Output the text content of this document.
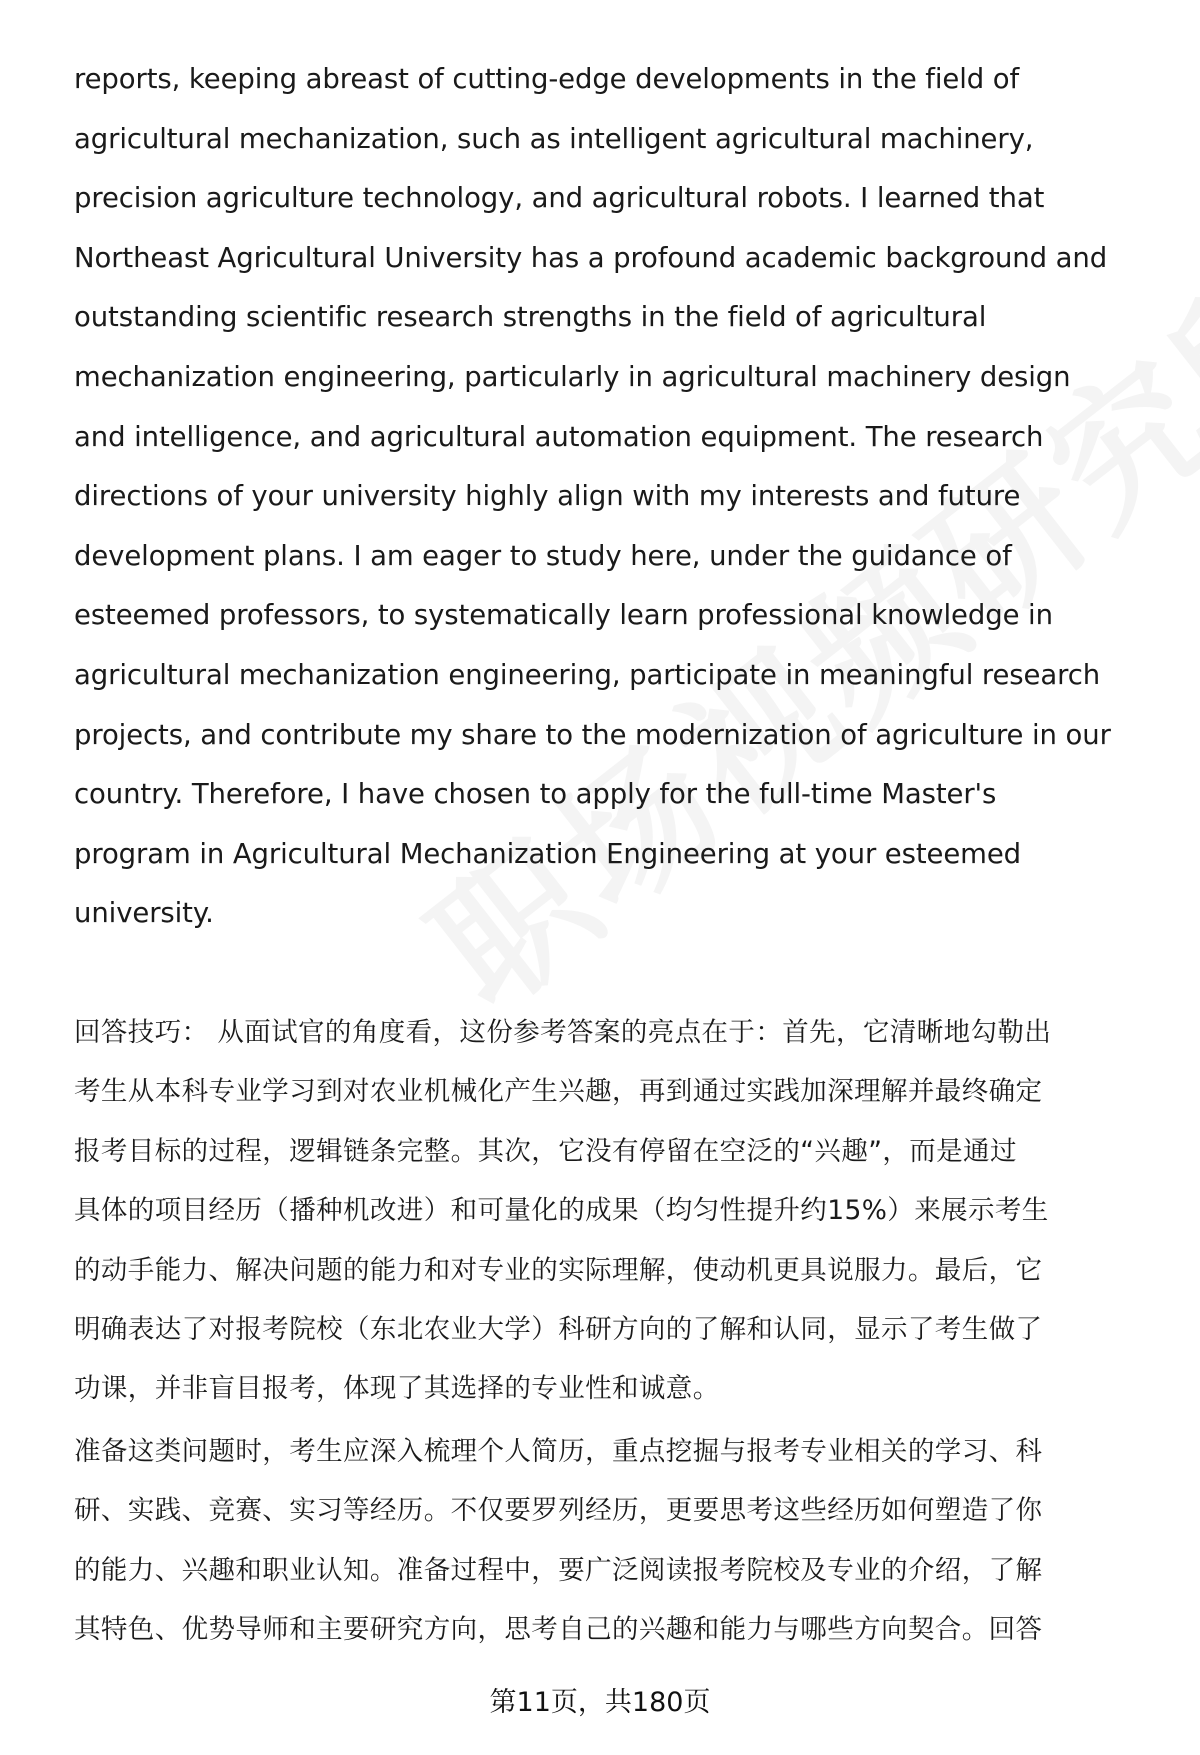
reports, keeping abreast of cutting-edge developments in the field of
agricultural mechanization, such as intelligent agricultural machinery,
precision agriculture technology, and agricultural robots. I learned that
Northeast Agricultural University has a profound academic background and
outstanding scientific research strengths in the field of agricultural
mechanization engineering, particularly in agricultural machinery design
and intelligence, and agricultural automation equipment. The research
directions of your university highly align with my interests and future
development plans. I am eager to study here, under the guidance of
esteemed professors, to systematically learn professional knowledge in
agricultural mechanization engineering, participate in meaningful research
projects, and contribute my share to the modernization of agriculture in our
country. Therefore, I have chosen to apply for the full-time Master's
program in Agricultural Mechanization Engineering at your esteemed
university.

回答技巧： 从面试官的角度看，这份参考答案的亮点在于：首先，它清晰地勾勒出
考生从本科专业学习到对农业机械化产生兴趣，再到通过实践加深理解并最终确定
报考目标的过程，逻辑链条完整。其次，它没有停留在空泛的“兴趣”，而是通过
具体的项目经历（播种机改进）和可量化的成果（均匀性提升约15%）来展示考生
的动手能力、解决问题的能力和对专业的实际理解，使动机更具说服力。最后，它
明确表达了对报考院校（东北农业大学）科研方向的了解和认同，显示了考生做了
功课，并非盲目报考，体现了其选择的专业性和诚意。

准备这类问题时，考生应深入梳理个人简历，重点挖掘与报考专业相关的学习、科
研、实践、竞赛、实习等经历。不仅要罗列经历，更要思考这些经历如何塑造了你
的能力、兴趣和职业认知。准备过程中，要广泛阅读报考院校及专业的介绍，了解
其特色、优势导师和主要研究方向，思考自己的兴趣和能力与哪些方向契合。回答

第11页，共180页
